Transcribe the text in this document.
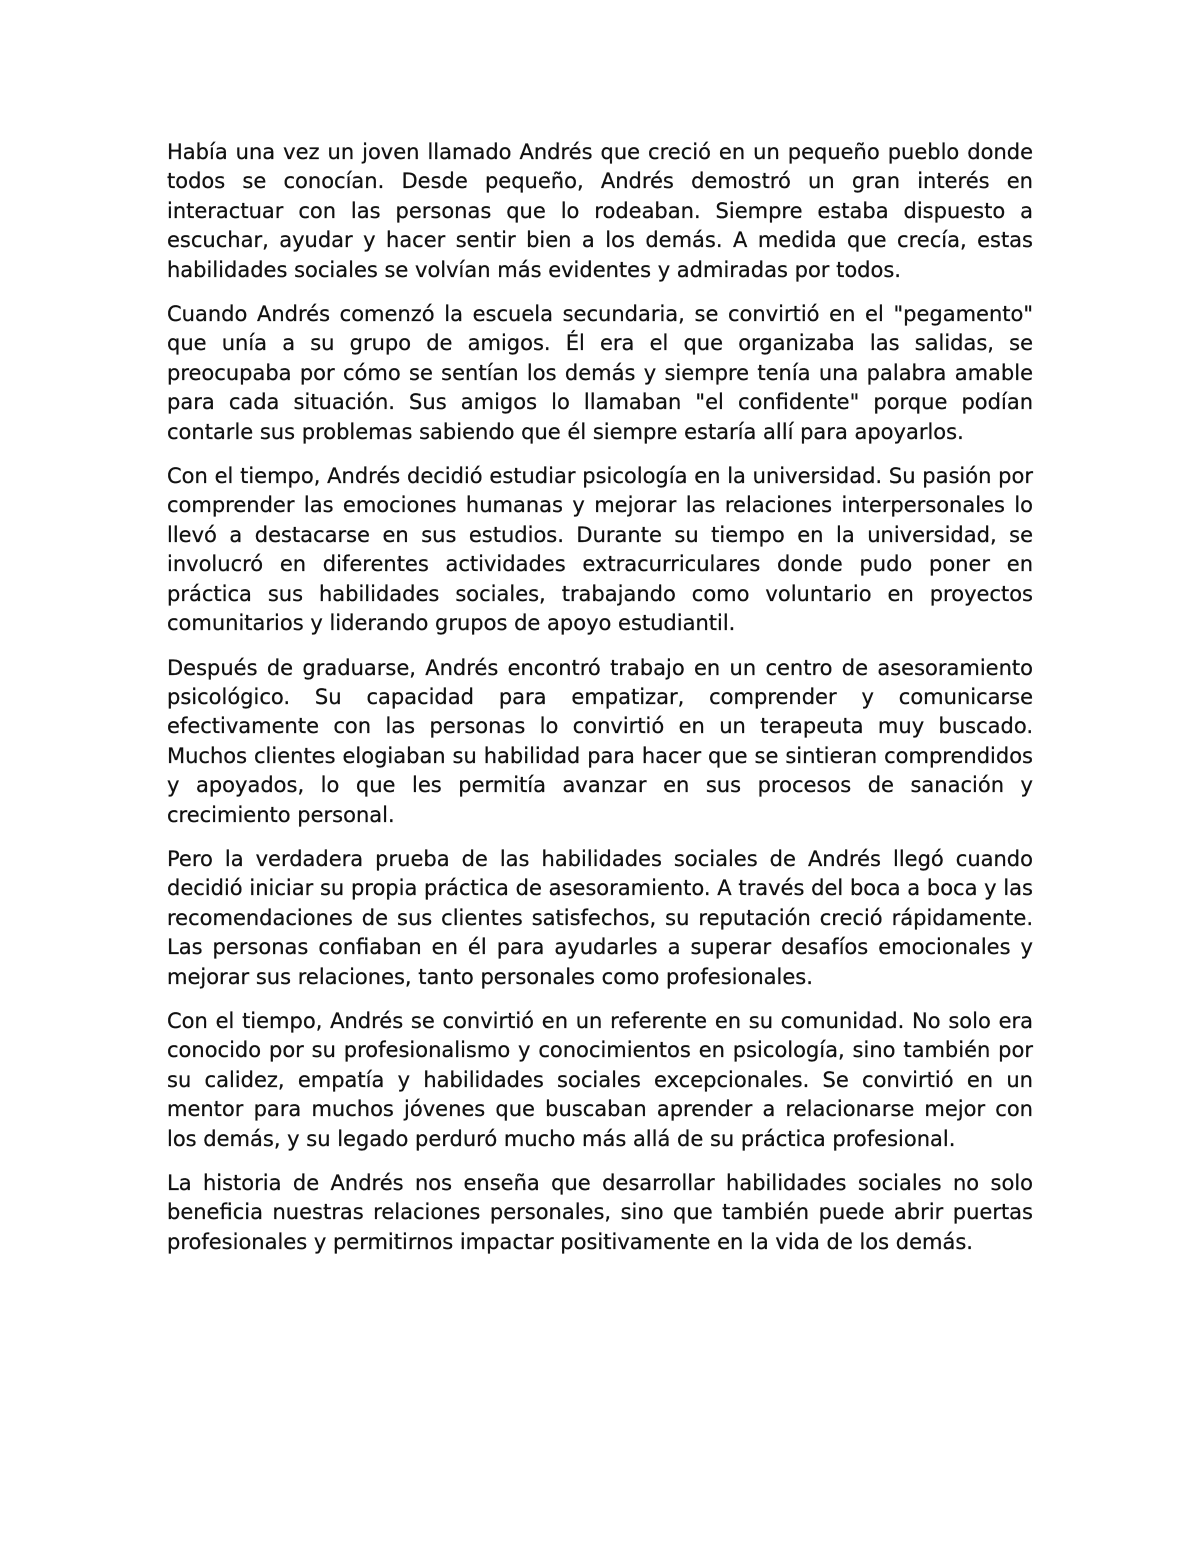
Había una vez un joven llamado Andrés que creció en un pequeño pueblo donde todos se conocían. Desde pequeño, Andrés demostró un gran interés en interactuar con las personas que lo rodeaban. Siempre estaba dispuesto a escuchar, ayudar y hacer sentir bien a los demás. A medida que crecía, estas habilidades sociales se volvían más evidentes y admiradas por todos.

Cuando Andrés comenzó la escuela secundaria, se convirtió en el "pegamento" que unía a su grupo de amigos. Él era el que organizaba las salidas, se preocupaba por cómo se sentían los demás y siempre tenía una palabra amable para cada situación. Sus amigos lo llamaban "el confidente" porque podían contarle sus problemas sabiendo que él siempre estaría allí para apoyarlos.

Con el tiempo, Andrés decidió estudiar psicología en la universidad. Su pasión por comprender las emociones humanas y mejorar las relaciones interpersonales lo llevó a destacarse en sus estudios. Durante su tiempo en la universidad, se involucró en diferentes actividades extracurriculares donde pudo poner en práctica sus habilidades sociales, trabajando como voluntario en proyectos comunitarios y liderando grupos de apoyo estudiantil.

Después de graduarse, Andrés encontró trabajo en un centro de asesoramiento psicológico. Su capacidad para empatizar, comprender y comunicarse efectivamente con las personas lo convirtió en un terapeuta muy buscado. Muchos clientes elogiaban su habilidad para hacer que se sintieran comprendidos y apoyados, lo que les permitía avanzar en sus procesos de sanación y crecimiento personal.

Pero la verdadera prueba de las habilidades sociales de Andrés llegó cuando decidió iniciar su propia práctica de asesoramiento. A través del boca a boca y las recomendaciones de sus clientes satisfechos, su reputación creció rápidamente. Las personas confiaban en él para ayudarles a superar desafíos emocionales y mejorar sus relaciones, tanto personales como profesionales.

Con el tiempo, Andrés se convirtió en un referente en su comunidad. No solo era conocido por su profesionalismo y conocimientos en psicología, sino también por su calidez, empatía y habilidades sociales excepcionales. Se convirtió en un mentor para muchos jóvenes que buscaban aprender a relacionarse mejor con los demás, y su legado perduró mucho más allá de su práctica profesional.

La historia de Andrés nos enseña que desarrollar habilidades sociales no solo beneficia nuestras relaciones personales, sino que también puede abrir puertas profesionales y permitirnos impactar positivamente en la vida de los demás.
